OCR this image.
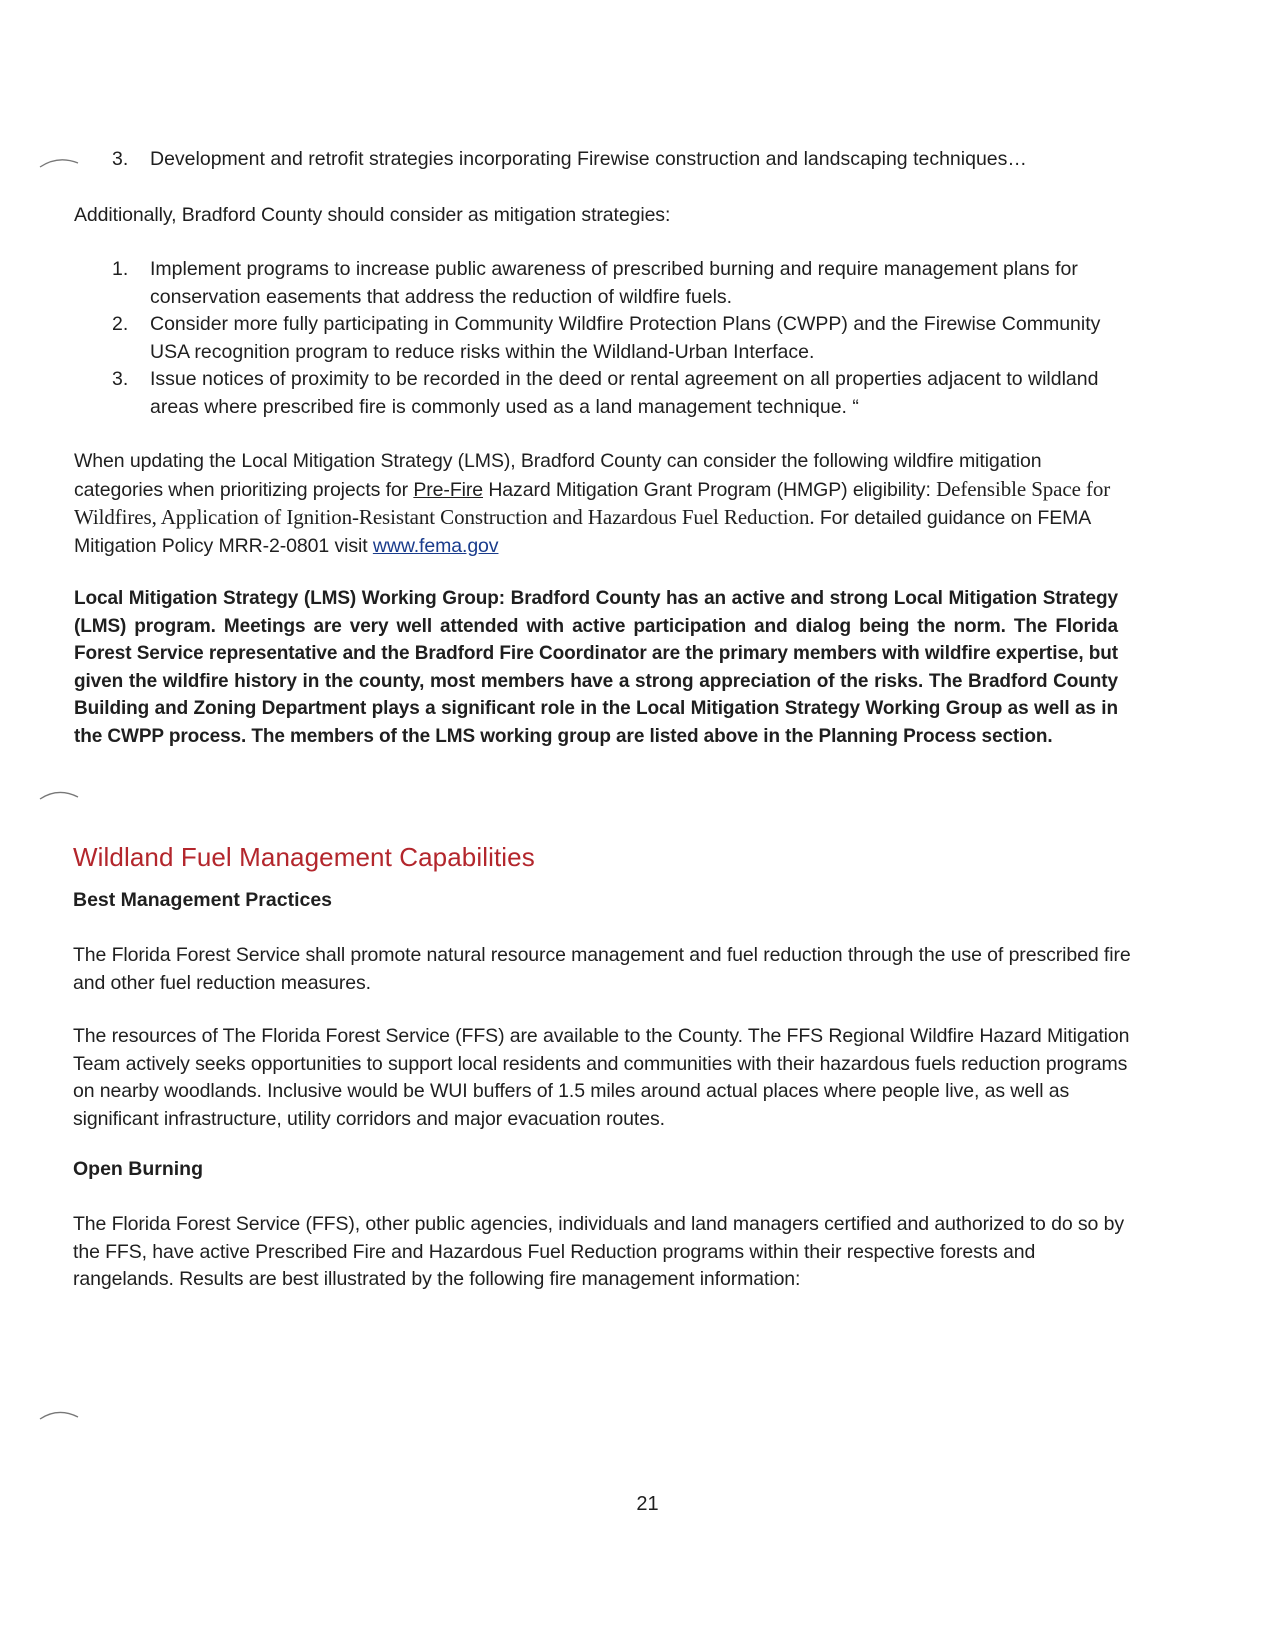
3. Development and retrofit strategies incorporating Firewise construction and landscaping techniques…
Additionally, Bradford County should consider as mitigation strategies:
1. Implement programs to increase public awareness of prescribed burning and require management plans for conservation easements that address the reduction of wildfire fuels.
2. Consider more fully participating in Community Wildfire Protection Plans (CWPP) and the Firewise Community USA recognition program to reduce risks within the Wildland-Urban Interface.
3. Issue notices of proximity to be recorded in the deed or rental agreement on all properties adjacent to wildland areas where prescribed fire is commonly used as a land management technique. “
When updating the Local Mitigation Strategy (LMS), Bradford County can consider the following wildfire mitigation categories when prioritizing projects for Pre-Fire Hazard Mitigation Grant Program (HMGP) eligibility: Defensible Space for Wildfires, Application of Ignition-Resistant Construction and Hazardous Fuel Reduction. For detailed guidance on FEMA Mitigation Policy MRR-2-0801 visit www.fema.gov
Local Mitigation Strategy (LMS) Working Group: Bradford County has an active and strong Local Mitigation Strategy (LMS) program. Meetings are very well attended with active participation and dialog being the norm. The Florida Forest Service representative and the Bradford Fire Coordinator are the primary members with wildfire expertise, but given the wildfire history in the county, most members have a strong appreciation of the risks. The Bradford County Building and Zoning Department plays a significant role in the Local Mitigation Strategy Working Group as well as in the CWPP process. The members of the LMS working group are listed above in the Planning Process section.
Wildland Fuel Management Capabilities
Best Management Practices
The Florida Forest Service shall promote natural resource management and fuel reduction through the use of prescribed fire and other fuel reduction measures.
The resources of The Florida Forest Service (FFS) are available to the County. The FFS Regional Wildfire Hazard Mitigation Team actively seeks opportunities to support local residents and communities with their hazardous fuels reduction programs on nearby woodlands. Inclusive would be WUI buffers of 1.5 miles around actual places where people live, as well as significant infrastructure, utility corridors and major evacuation routes.
Open Burning
The Florida Forest Service (FFS), other public agencies, individuals and land managers certified and authorized to do so by the FFS, have active Prescribed Fire and Hazardous Fuel Reduction programs within their respective forests and rangelands. Results are best illustrated by the following fire management information:
21
